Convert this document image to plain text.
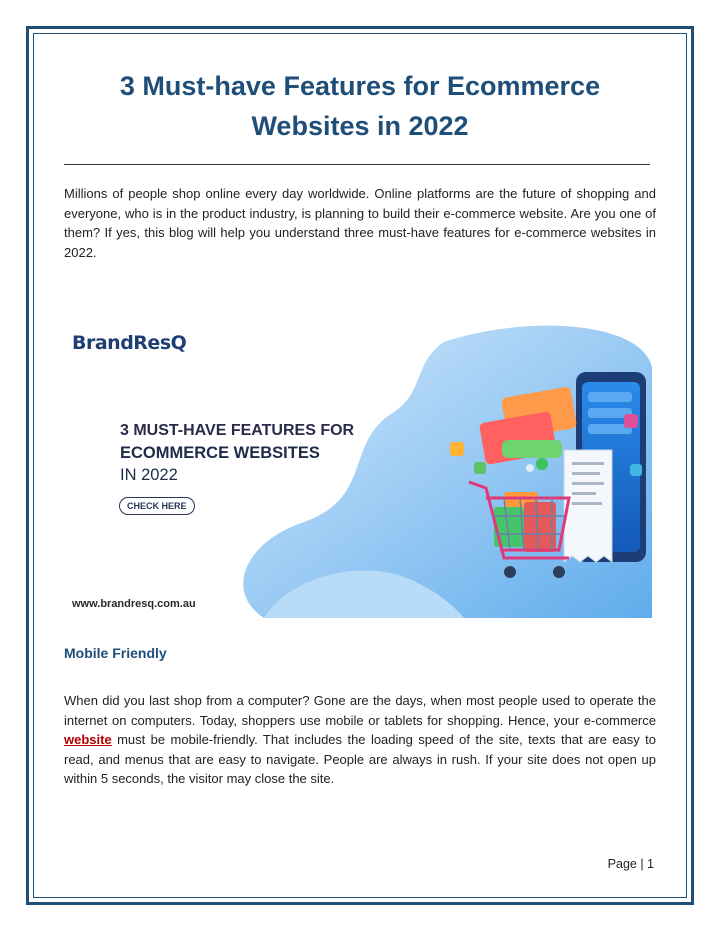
3 Must-have Features for Ecommerce Websites in 2022
Millions of people shop online every day worldwide. Online platforms are the future of shopping and everyone, who is in the product industry, is planning to build their e-commerce website. Are you one of them? If yes, this blog will help you understand three must-have features for e-commerce websites in 2022.
BrandResQ
3 MUST-HAVE FEATURES FOR
ECOMMERCE WEBSITES
IN 2022
CHECK HERE
www.brandresq.com.au
Mobile Friendly
When did you last shop from a computer? Gone are the days, when most people used to operate the internet on computers. Today, shoppers use mobile or tablets for shopping. Hence, your e-commerce website must be mobile-friendly. That includes the loading speed of the site, texts that are easy to read, and menus that are easy to navigate. People are always in rush. If your site does not open up within 5 seconds, the visitor may close the site.
Page | 1
